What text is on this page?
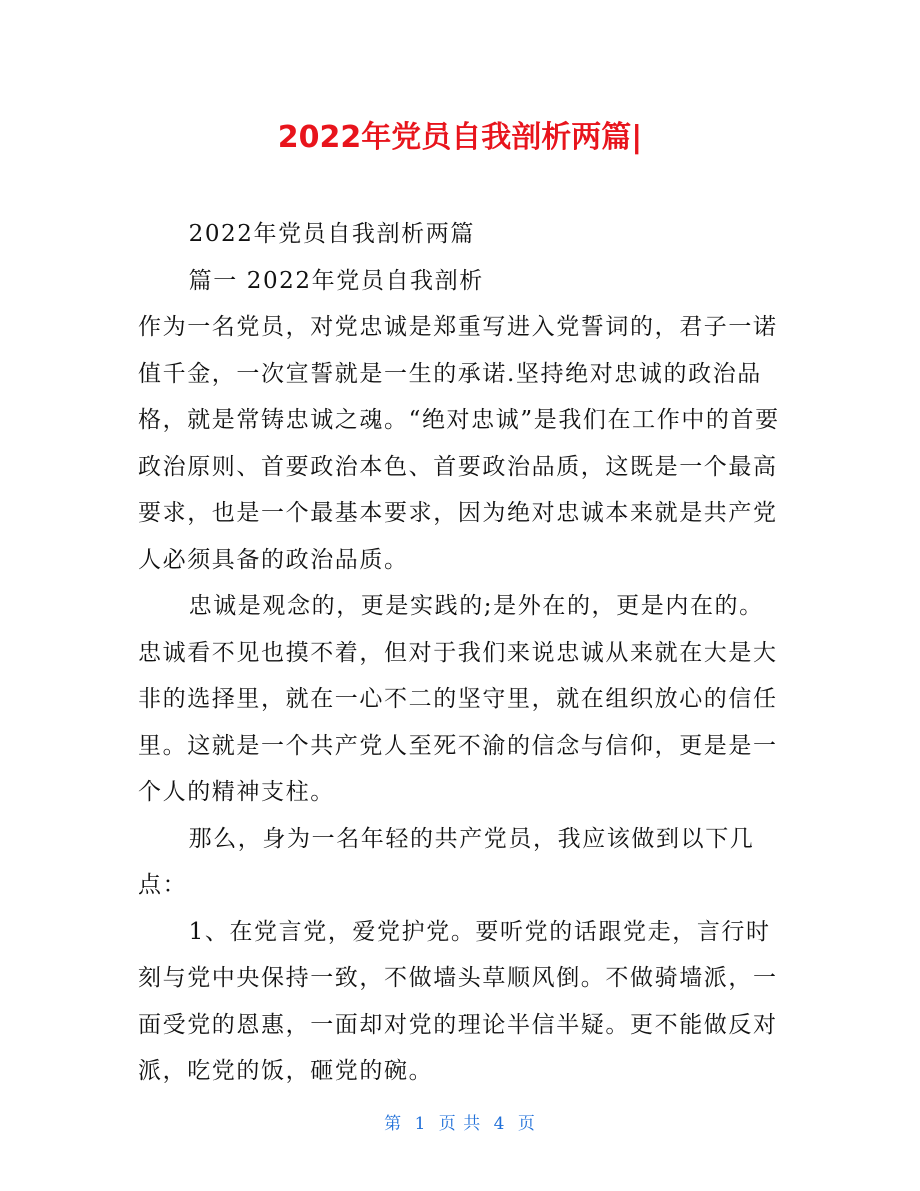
2022年党员自我剖析两篇|

2022年党员自我剖析两篇

篇一 2022年党员自我剖析

作为一名党员，对党忠诚是郑重写进入党誓词的，君子一诺值千金，一次宣誓就是一生的承诺.坚持绝对忠诚的政治品格，就是常铸忠诚之魂。“绝对忠诚”是我们在工作中的首要政治原则、首要政治本色、首要政治品质，这既是一个最高要求，也是一个最基本要求，因为绝对忠诚本来就是共产党人必须具备的政治品质。

忠诚是观念的，更是实践的;是外在的，更是内在的。忠诚看不见也摸不着，但对于我们来说忠诚从来就在大是大非的选择里，就在一心不二的坚守里，就在组织放心的信任里。这就是一个共产党人至死不渝的信念与信仰，更是是一个人的精神支柱。

那么，身为一名年轻的共产党员，我应该做到以下几点：

1、在党言党，爱党护党。要听党的话跟党走，言行时刻与党中央保持一致，不做墙头草顺风倒。不做骑墙派，一面受党的恩惠，一面却对党的理论半信半疑。更不能做反对派，吃党的饭，砸党的碗。

第 1 页 共 4 页
